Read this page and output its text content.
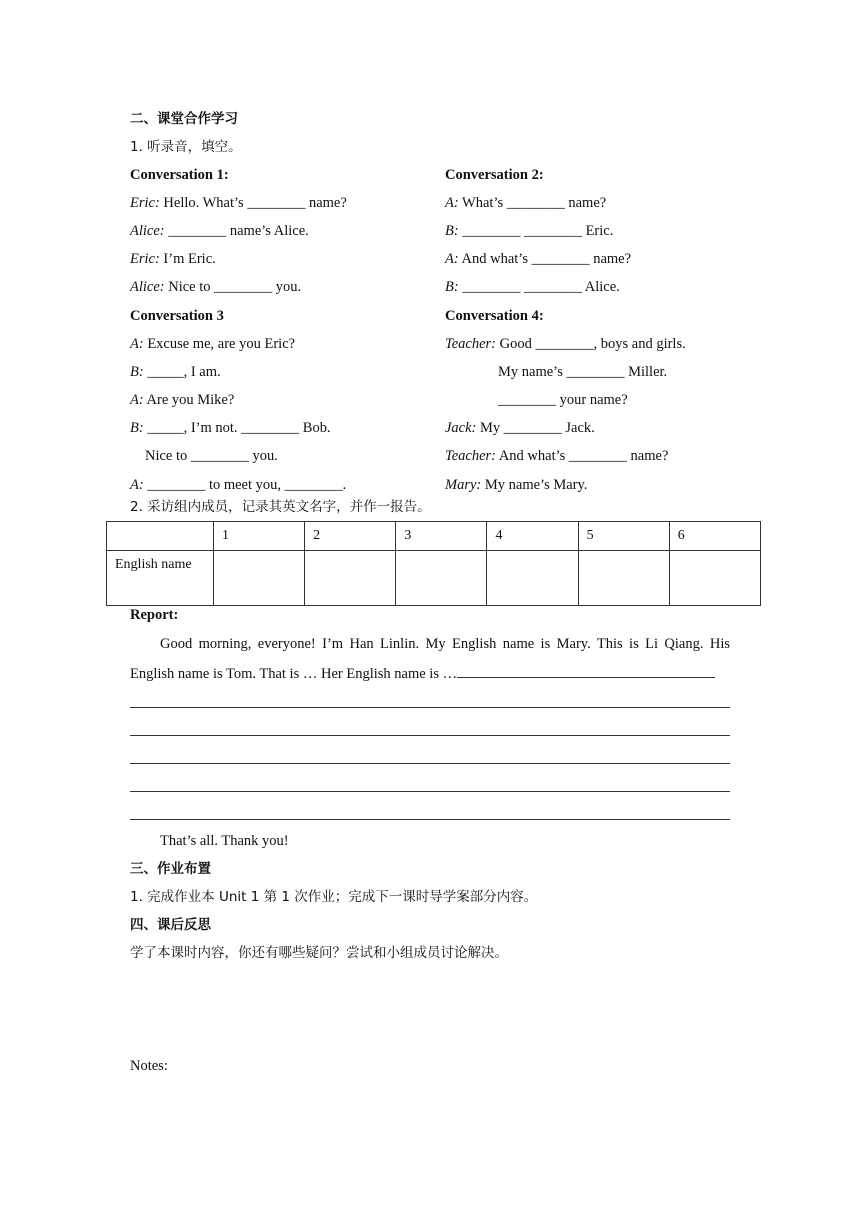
二、课堂合作学习
1. 听录音，填空。
Conversation 1:
Eric: Hello. What’s ________ name?
Alice: ________ name’s Alice.
Eric: I’m Eric.
Alice: Nice to ________ you.
Conversation 2:
A: What’s ________ name?
B: ________ ________ Eric.
A: And what’s ________ name?
B: ________ ________ Alice.
Conversation 3
A: Excuse me, are you Eric?
B: _____, I am.
A: Are you Mike?
B: _____, I’m not. ________ Bob.
Nice to ________ you.
A: ________ to meet you, ________.
Conversation 4:
Teacher: Good ________, boys and girls.
My name’s ________ Miller.
________ your name?
Jack: My ________ Jack.
Teacher: And what’s ________ name?
Mary: My name’s Mary.
2. 采访组内成员，记录其英文名字，并作一报告。
	1	2	3	4	5	6
English name						
Report:
Good morning, everyone! I’m Han Linlin. My English name is Mary. This is Li Qiang. His
English name is Tom. That is … Her English name is …
That’s all. Thank you!
三、作业布置
1. 完成作业本 Unit 1 第 1 次作业；完成下一课时导学案部分内容。
四、课后反思
学了本课时内容，你还有哪些疑问？尝试和小组成员讨论解决。
Notes:
